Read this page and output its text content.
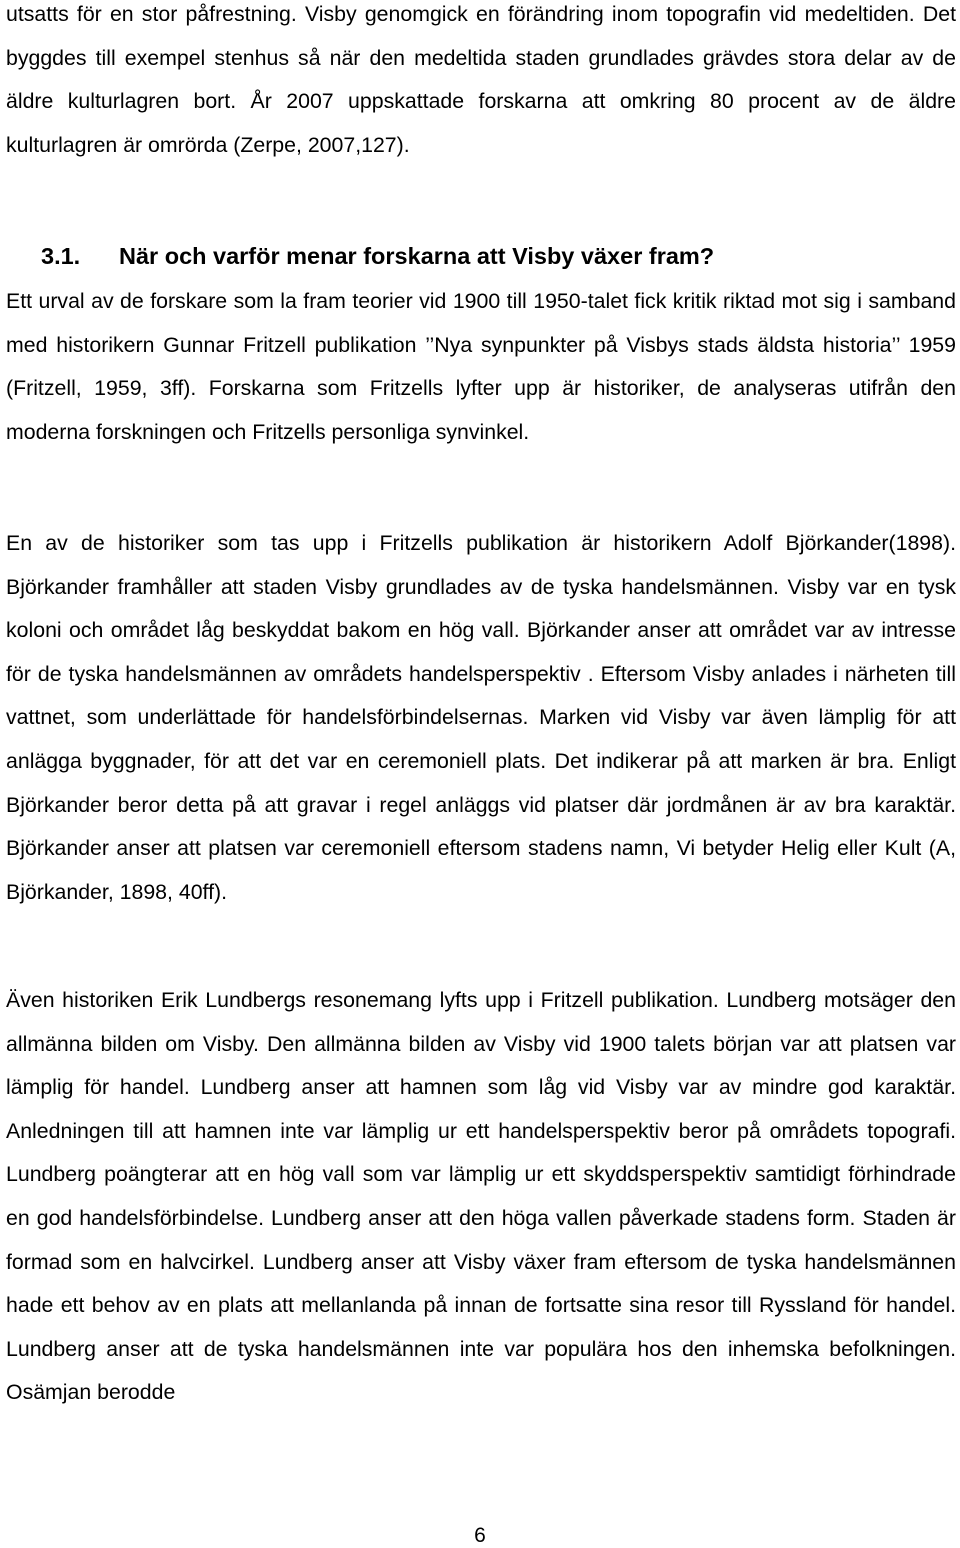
utsatts för en stor påfrestning. Visby genomgick en förändring inom topografin vid medeltiden. Det byggdes till exempel stenhus så när den medeltida staden grundlades grävdes stora delar av de äldre kulturlagren bort. År 2007 uppskattade forskarna att omkring 80 procent av de äldre kulturlagren är omrörda (Zerpe, 2007,127).

3.1. När och varför menar forskarna att Visby växer fram?

Ett urval av de forskare som la fram teorier vid 1900 till 1950-talet fick kritik riktad mot sig i samband med historikern Gunnar Fritzell publikation ’’Nya synpunkter på Visbys stads äldsta historia’’ 1959 (Fritzell, 1959, 3ff). Forskarna som Fritzells lyfter upp är historiker, de analyseras utifrån den moderna forskningen och Fritzells personliga synvinkel.

En av de historiker som tas upp i Fritzells publikation är historikern Adolf Björkander(1898). Björkander framhåller att staden Visby grundlades av de tyska handelsmännen. Visby var en tysk koloni och området låg beskyddat bakom en hög vall. Björkander anser att området var av intresse för de tyska handelsmännen av områdets handelsperspektiv . Eftersom Visby anlades i närheten till vattnet, som underlättade för handelsförbindelsernas. Marken vid Visby var även lämplig för att anlägga byggnader, för att det var en ceremoniell plats. Det indikerar på att marken är bra. Enligt Björkander beror detta på att gravar i regel anläggs vid platser där jordmånen är av bra karaktär. Björkander anser att platsen var ceremoniell eftersom stadens namn, Vi betyder Helig eller Kult (A, Björkander, 1898, 40ff).

Även historiken Erik Lundbergs resonemang lyfts upp i Fritzell publikation. Lundberg motsäger den allmänna bilden om Visby. Den allmänna bilden av Visby vid 1900 talets början var att platsen var lämplig för handel. Lundberg anser att hamnen som låg vid Visby var av mindre god karaktär. Anledningen till att hamnen inte var lämplig ur ett handelsperspektiv beror på områdets topografi. Lundberg poängterar att en hög vall som var lämplig ur ett skyddsperspektiv samtidigt förhindrade en god handelsförbindelse. Lundberg anser att den höga vallen påverkade stadens form. Staden är formad som en halvcirkel. Lundberg anser att Visby växer fram eftersom de tyska handelsmännen hade ett behov av en plats att mellanlanda på innan de fortsatte sina resor till Ryssland för handel. Lundberg anser att de tyska handelsmännen inte var populära hos den inhemska befolkningen. Osämjan berodde

6
